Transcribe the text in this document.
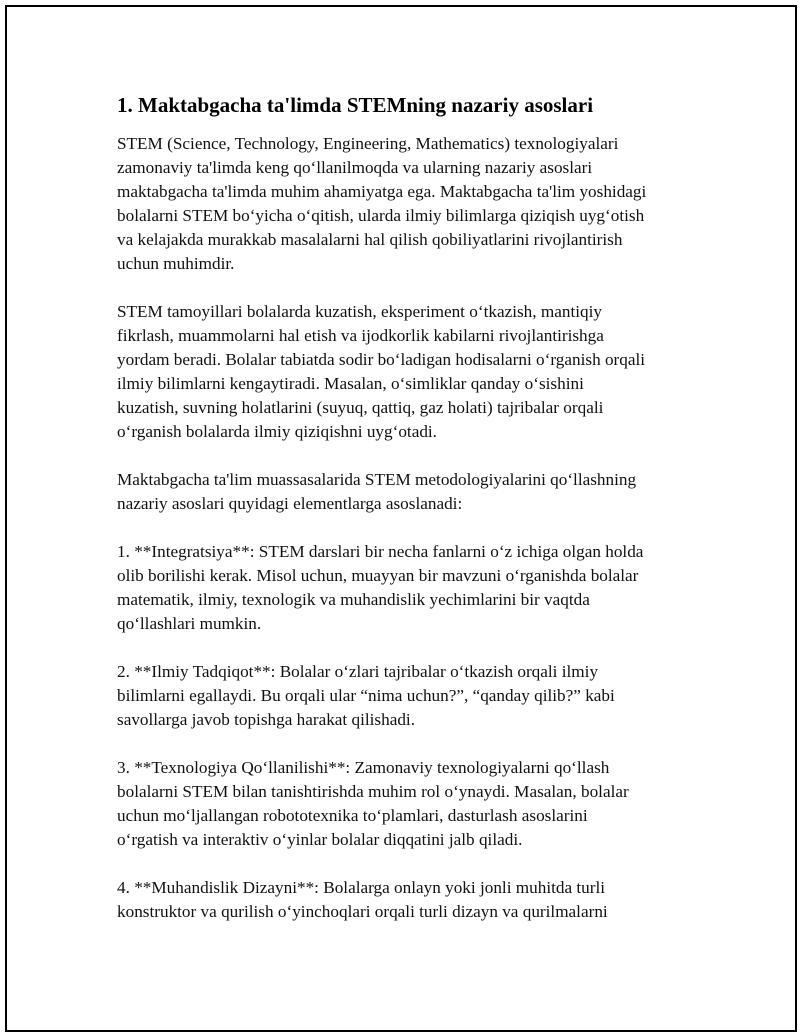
1. Maktabgacha ta'limda STEMning nazariy asoslari
STEM (Science, Technology, Engineering, Mathematics) texnologiyalari
zamonaviy ta'limda keng qo‘llanilmoqda va ularning nazariy asoslari
maktabgacha ta'limda muhim ahamiyatga ega. Maktabgacha ta'lim yoshidagi
bolalarni STEM bo‘yicha o‘qitish, ularda ilmiy bilimlarga qiziqish uyg‘otish
va kelajakda murakkab masalalarni hal qilish qobiliyatlarini rivojlantirish
uchun muhimdir.
STEM tamoyillari bolalarda kuzatish, eksperiment o‘tkazish, mantiqiy
fikrlash, muammolarni hal etish va ijodkorlik kabilarni rivojlantirishga
yordam beradi. Bolalar tabiatda sodir bo‘ladigan hodisalarni o‘rganish orqali
ilmiy bilimlarni kengaytiradi. Masalan, o‘simliklar qanday o‘sishini
kuzatish, suvning holatlarini (suyuq, qattiq, gaz holati) tajribalar orqali
o‘rganish bolalarda ilmiy qiziqishni uyg‘otadi.
Maktabgacha ta'lim muassasalarida STEM metodologiyalarini qo‘llashning
nazariy asoslari quyidagi elementlarga asoslanadi:
1. **Integratsiya**: STEM darslari bir necha fanlarni o‘z ichiga olgan holda
olib borilishi kerak. Misol uchun, muayyan bir mavzuni o‘rganishda bolalar
matematik, ilmiy, texnologik va muhandislik yechimlarini bir vaqtda
qo‘llashlari mumkin.
2. **Ilmiy Tadqiqot**: Bolalar o‘zlari tajribalar o‘tkazish orqali ilmiy
bilimlarni egallaydi. Bu orqali ular “nima uchun?”, “qanday qilib?” kabi
savollarga javob topishga harakat qilishadi.
3. **Texnologiya Qo‘llanilishi**: Zamonaviy texnologiyalarni qo‘llash
bolalarni STEM bilan tanishtirishda muhim rol o‘ynaydi. Masalan, bolalar
uchun mo‘ljallangan robototexnika to‘plamlari, dasturlash asoslarini
o‘rgatish va interaktiv o‘yinlar bolalar diqqatini jalb qiladi.
4. **Muhandislik Dizayni**: Bolalarga onlayn yoki jonli muhitda turli
konstruktor va qurilish o‘yinchoqlari orqali turli dizayn va qurilmalarni
